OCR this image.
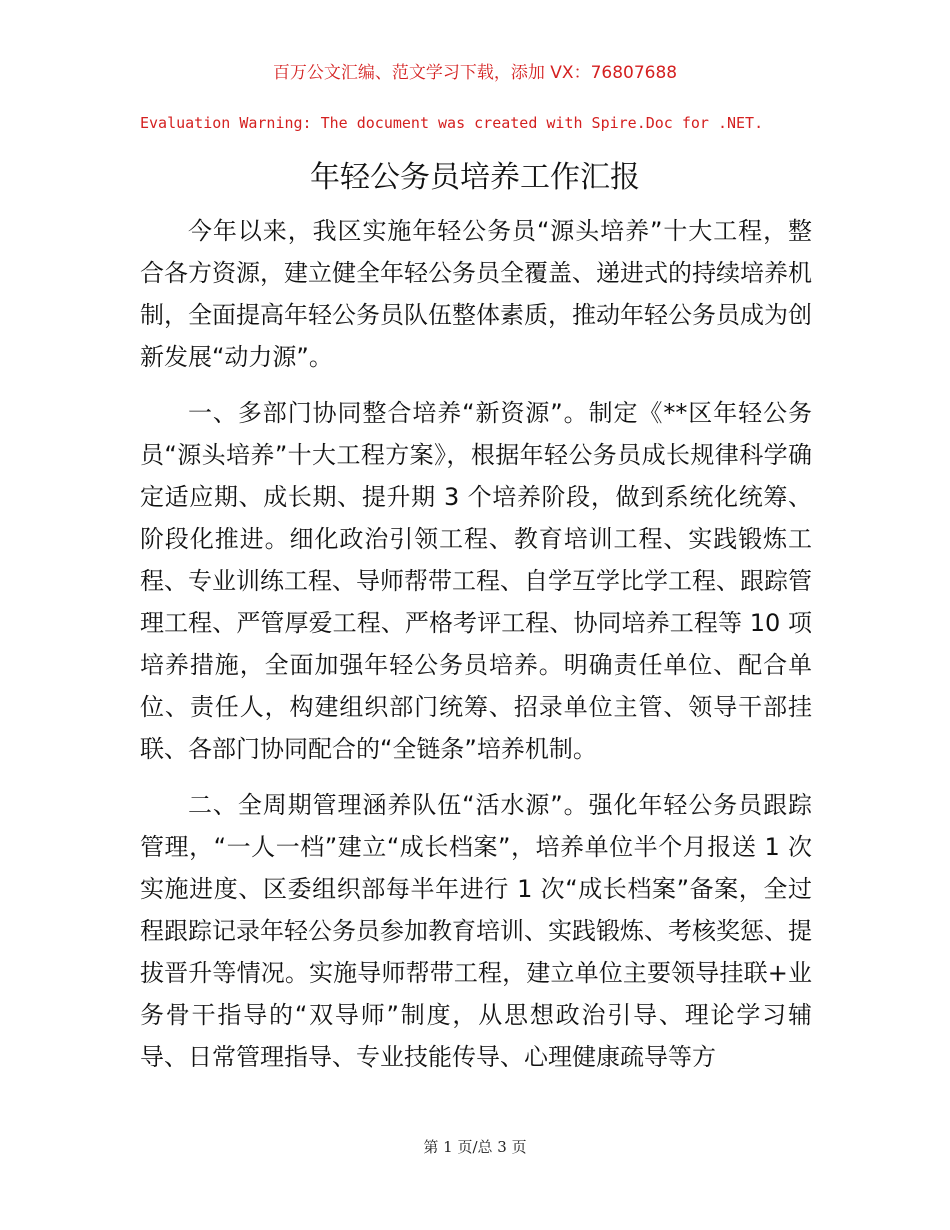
百万公文汇编、范文学习下载，添加 VX：76807688
Evaluation Warning: The document was created with Spire.Doc for .NET.
年轻公务员培养工作汇报

今年以来，我区实施年轻公务员“源头培养”十大工程，整合各方资源，建立健全年轻公务员全覆盖、递进式的持续培养机制，全面提高年轻公务员队伍整体素质，推动年轻公务员成为创新发展“动力源”。

一、多部门协同整合培养“新资源”。制定《**区年轻公务员“源头培养”十大工程方案》，根据年轻公务员成长规律科学确定适应期、成长期、提升期 3 个培养阶段，做到系统化统筹、阶段化推进。细化政治引领工程、教育培训工程、实践锻炼工程、专业训练工程、导师帮带工程、自学互学比学工程、跟踪管理工程、严管厚爱工程、严格考评工程、协同培养工程等 10 项培养措施，全面加强年轻公务员培养。明确责任单位、配合单位、责任人，构建组织部门统筹、招录单位主管、领导干部挂联、各部门协同配合的“全链条”培养机制。

二、全周期管理涵养队伍“活水源”。强化年轻公务员跟踪管理，“一人一档”建立“成长档案”，培养单位半个月报送 1 次实施进度、区委组织部每半年进行 1 次“成长档案”备案，全过程跟踪记录年轻公务员参加教育培训、实践锻炼、考核奖惩、提拔晋升等情况。实施导师帮带工程，建立单位主要领导挂联+业务骨干指导的“双导师”制度，从思想政治引导、理论学习辅导、日常管理指导、专业技能传导、心理健康疏导等方

第 1 页/总 3 页
